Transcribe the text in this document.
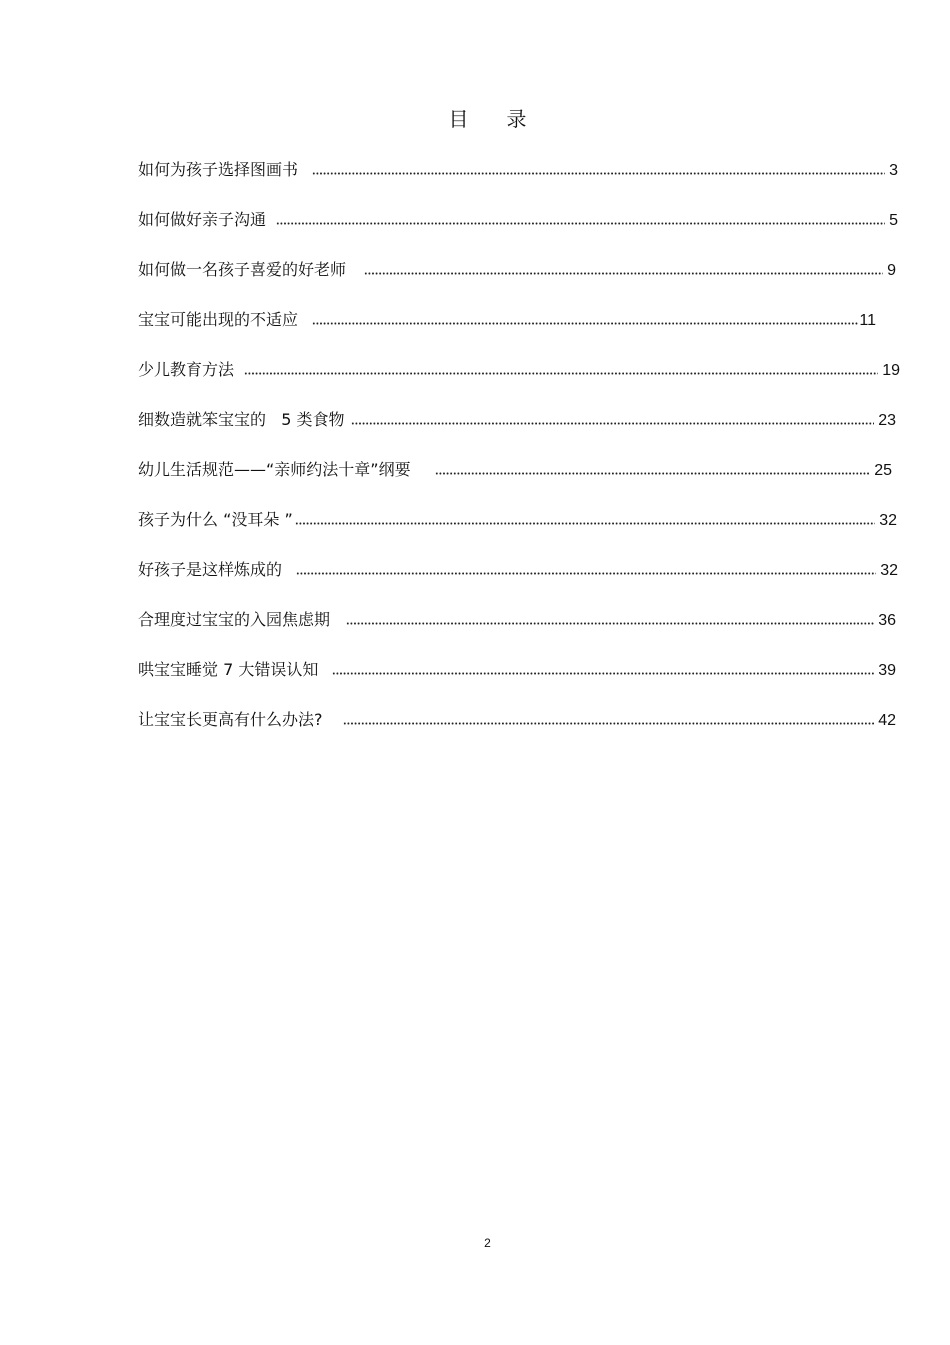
目 录
如何为孩子选择图画书	3
如何做好亲子沟通	5
如何做一名孩子喜爱的好老师	9
宝宝可能出现的不适应	11
少儿教育方法	19
细数造就笨宝宝的   5 类食物	23
幼儿生活规范——“亲师约法十章”纲要	25
孩子为什么 “没耳朵 ”	32
好孩子是这样炼成的	32
合理度过宝宝的入园焦虑期	36
哄宝宝睡觉 7 大错误认知	39
让宝宝长更高有什么办法?	42
2
